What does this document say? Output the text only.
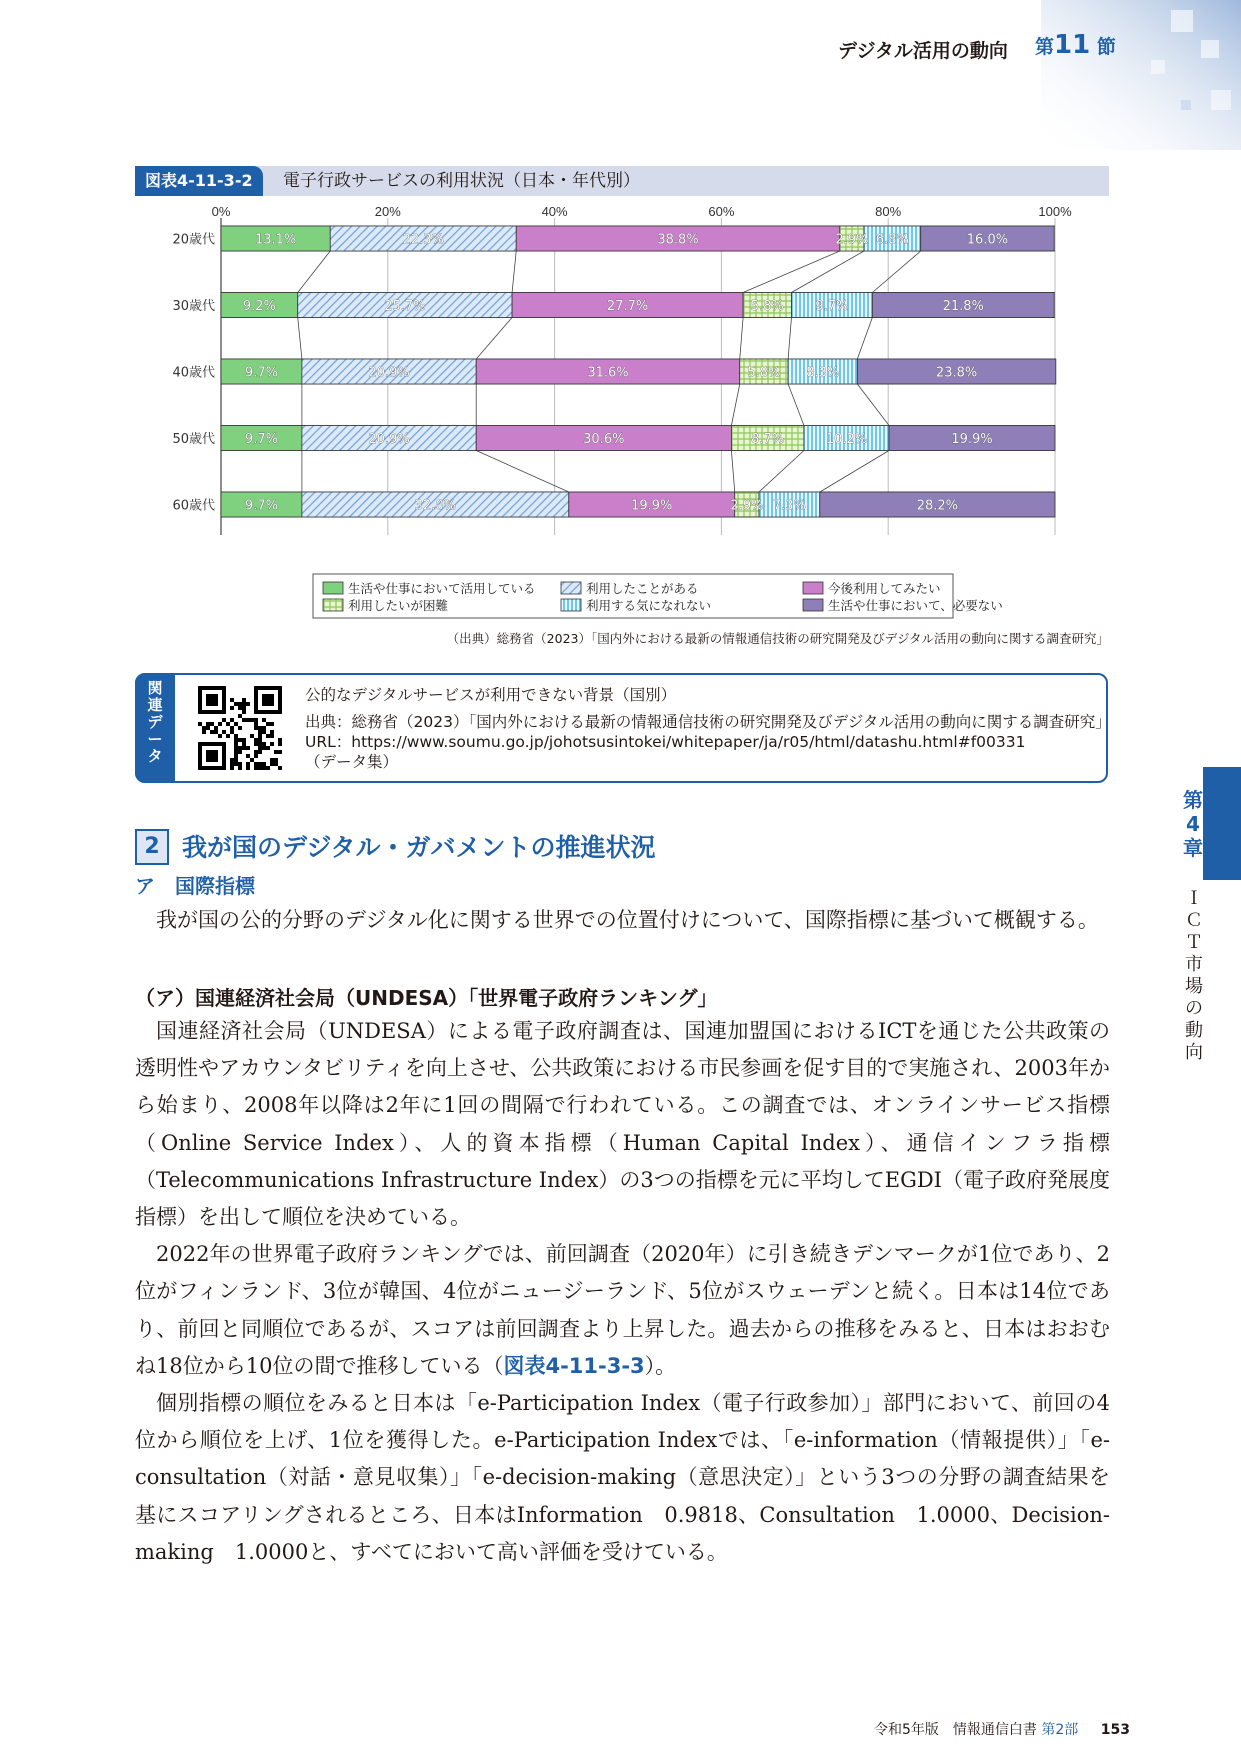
デジタル活用の動向 第11 節
図表4-11-3-2	電子行政サービスの利用状況（日本・年代別）
0%	20%	40%	60%	80%	100%
20歳代	13.1%	22.3%	38.8%	2.9% 6.8%	16.0%
30歳代 9.2%	25.7%	27.7%	5.8% 9.7%	21.8%
40歳代 9.7%	20.9%	31.6%	5.8% 8.3%	23.8%
50歳代 9.7%	20.9%	30.6%	8.7%	10.2%	19.9%
60歳代 9.7%	32.0%	19.9%	2.9% 7.3%	28.2%
生活や仕事において活用している	利用したことがある	今後利用してみたい
利用したいが困難	利用する気になれない	生活や仕事において、必要ない
（出典）総務省（2023）「国内外における最新の情報通信技術の研究開発及びデジタル活用の動向に関する調査研究」
関
連
デ
ー
タ
公的なデジタルサービスが利用できない背景（国別）
出典：総務省（2023）「国内外における最新の情報通信技術の研究開発及びデジタル活用の動向に関する調査研究」
URL：https://www.soumu.go.jp/johotsusintokei/whitepaper/ja/r05/html/datashu.html#f00331
（データ集）
第
4
章
Ｉ
Ｃ
Ｔ
市
場
の
動
向
2 我が国のデジタル・ガバメントの推進状況
ア　国際指標

我が国の公的分野のデジタル化に関する世界での位置付けについて、国際指標に基づいて概観する。

（ア）国連経済社会局（UNDESA）「世界電子政府ランキング」

国連経済社会局（UNDESA）による電子政府調査は、国連加盟国におけるICTを通じた公共政策の透明性やアカウンタビリティを向上させ、公共政策における市民参画を促す目的で実施され、2003年から始まり、2008年以降は2年に1回の間隔で行われている。この調査では、オンラインサービス指標（Online Service Index）、人的資本指標（Human Capital Index）、通信インフラ指標（Telecommunications Infrastructure Index）の3つの指標を元に平均してEGDI（電子政府発展度指標）を出して順位を決めている。

2022年の世界電子政府ランキングでは、前回調査（2020年）に引き続きデンマークが1位であり、2位がフィンランド、3位が韓国、4位がニュージーランド、5位がスウェーデンと続く。日本は14位であり、前回と同順位であるが、スコアは前回調査より上昇した。過去からの推移をみると、日本はおおむね18位から10位の間で推移している（図表4-11-3-3）。

個別指標の順位をみると日本は「e-Participation Index（電子行政参加）」部門において、前回の4位から順位を上げ、1位を獲得した。e-Participation Indexでは、「e-information（情報提供）」「e-consultation（対話・意見収集）」「e-decision-making（意思決定）」という3つの分野の調査結果を基にスコアリングされるところ、日本はInformation　0.9818、Consultation　1.0000、Decision-making　1.0000と、すべてにおいて高い評価を受けている。

令和5年版　情報通信白書 第2部 153
